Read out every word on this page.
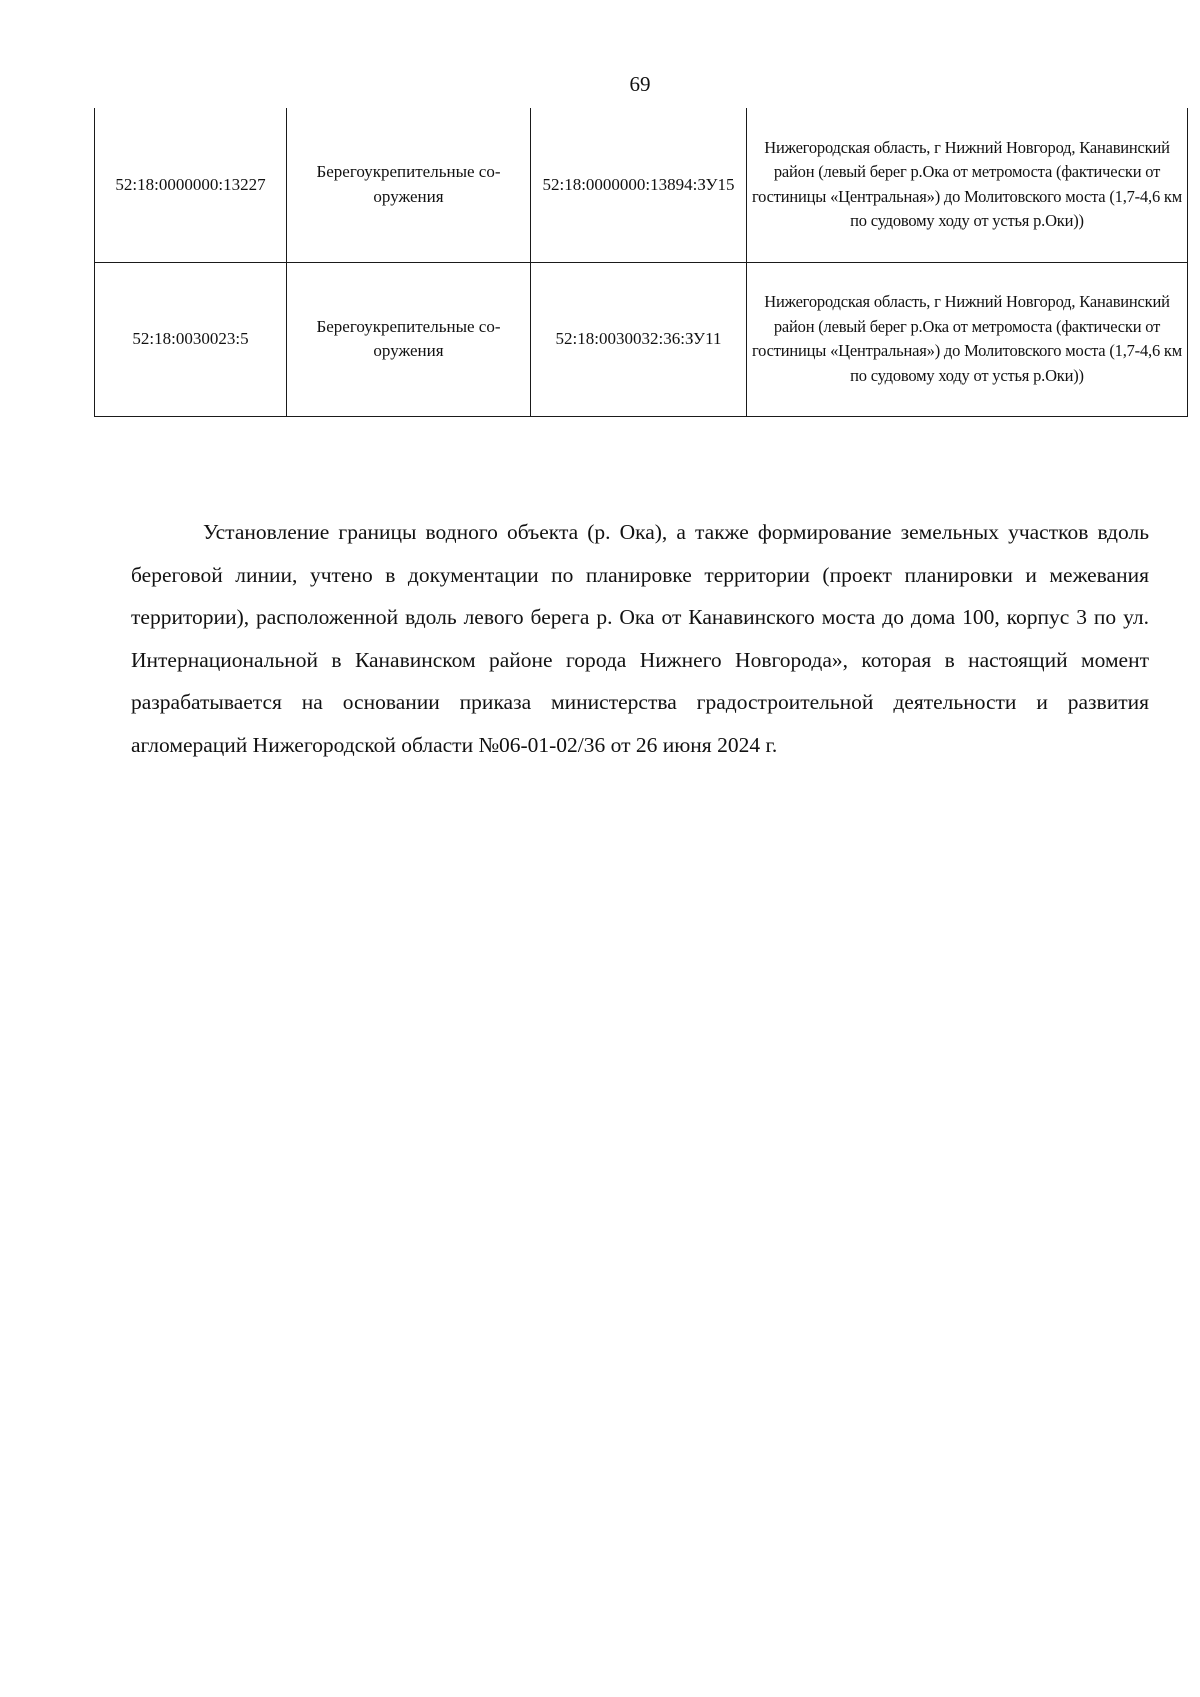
69
52:18:0000000:13227	Берегоукрепительные со-оружения	52:18:0000000:13894:ЗУ15	Нижегородская область, г Нижний Новгород, Канавинский район (левый берег р.Ока от метромоста (фактически от гостиницы «Центральная») до Молитовского моста (1,7-4,6 км по судовому ходу от устья р.Оки))
52:18:0030023:5	Берегоукрепительные со-оружения	52:18:0030032:36:ЗУ11	Нижегородская область, г Нижний Новгород, Канавинский район (левый берег р.Ока от метромоста (фактически от гостиницы «Центральная») до Молитовского моста (1,7-4,6 км по судовому ходу от устья р.Оки))

Установление границы водного объекта (р. Ока), а также формирование земельных участков вдоль береговой линии, учтено в документации по планировке территории (проект планировки и межевания территории), расположенной вдоль левого берега р. Ока от Канавинского моста до дома 100, корпус 3 по ул. Интернациональной в Канавинском районе города Нижнего Новгорода», которая в настоящий момент разрабатывается на основании приказа министерства градостроительной деятельности и развития агломераций Нижегородской области №06-01-02/36 от 26 июня 2024 г.
